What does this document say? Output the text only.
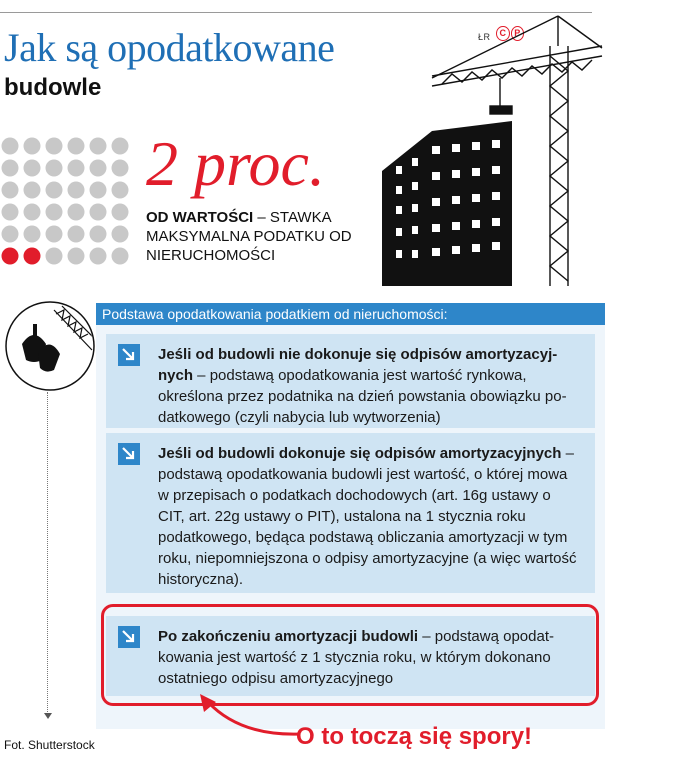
Jak są opodatkowane
budowle
ŁR C P
2 proc.
OD WARTOŚCI – STAWKA MAKSYMALNA PODATKU OD NIERUCHOMOŚCI
Podstawa opodatkowania podatkiem od nieruchomości:
Jeśli od budowli nie dokonuje się odpisów amortyzacyjnych – podstawą opodatkowania jest wartość rynkowa, określona przez podatnika na dzień powstania obowiązku podatkowego (czyli nabycia lub wytworzenia)
Jeśli od budowli dokonuje się odpisów amortyzacyjnych – podstawą opodatkowania budowli jest wartość, o której mowa w przepisach o podatkach dochodowych (art. 16g ustawy o CIT, art. 22g ustawy o PIT), ustalona na 1 stycznia roku podatkowego, będąca podstawą obliczania amortyzacji w tym roku, niepomniejszona o odpisy amortyzacyjne (a więc wartość historyczna).
Po zakończeniu amortyzacji budowli – podstawą opodatkowania jest wartość z 1 stycznia roku, w którym dokonano ostatniego odpisu amortyzacyjnego
Fot. Shutterstock	O to toczą się spory!
